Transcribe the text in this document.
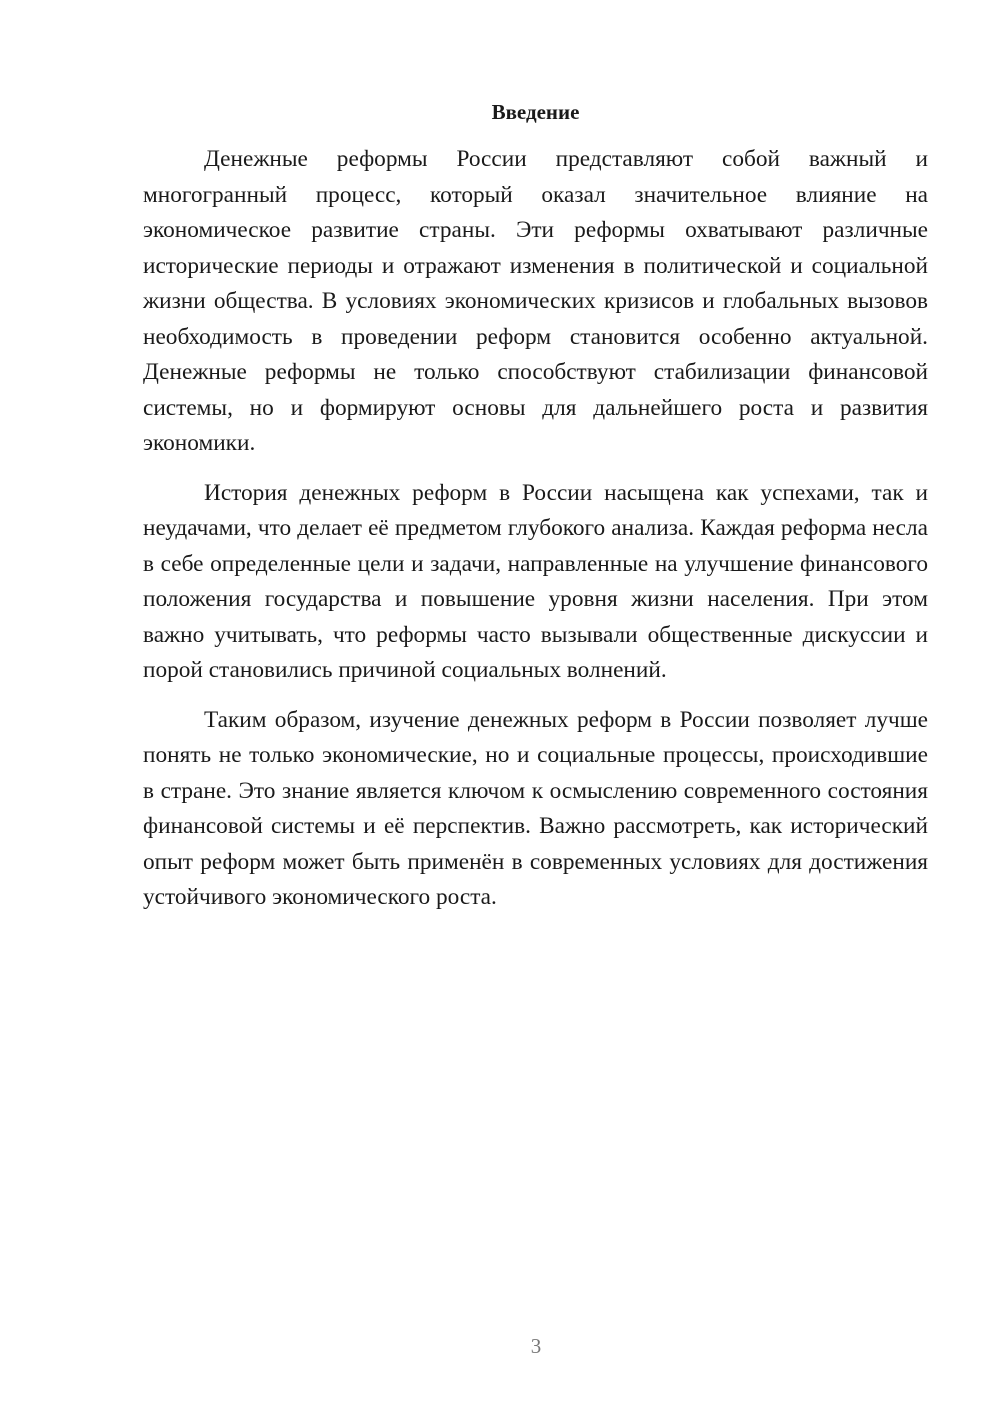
Введение

Денежные реформы России представляют собой важный и многогранный процесс, который оказал значительное влияние на экономическое развитие страны. Эти реформы охватывают различные исторические периоды и отражают изменения в политической и социальной жизни общества. В условиях экономических кризисов и глобальных вызовов необходимость в проведении реформ становится особенно актуальной. Денежные реформы не только способствуют стабилизации финансовой системы, но и формируют основы для дальнейшего роста и развития экономики.

История денежных реформ в России насыщена как успехами, так и неудачами, что делает её предметом глубокого анализа. Каждая реформа несла в себе определенные цели и задачи, направленные на улучшение финансового положения государства и повышение уровня жизни населения. При этом важно учитывать, что реформы часто вызывали общественные дискуссии и порой становились причиной социальных волнений.

Таким образом, изучение денежных реформ в России позволяет лучше понять не только экономические, но и социальные процессы, происходившие в стране. Это знание является ключом к осмыслению современного состояния финансовой системы и её перспектив. Важно рассмотреть, как исторический опыт реформ может быть применён в современных условиях для достижения устойчивого экономического роста.

3
